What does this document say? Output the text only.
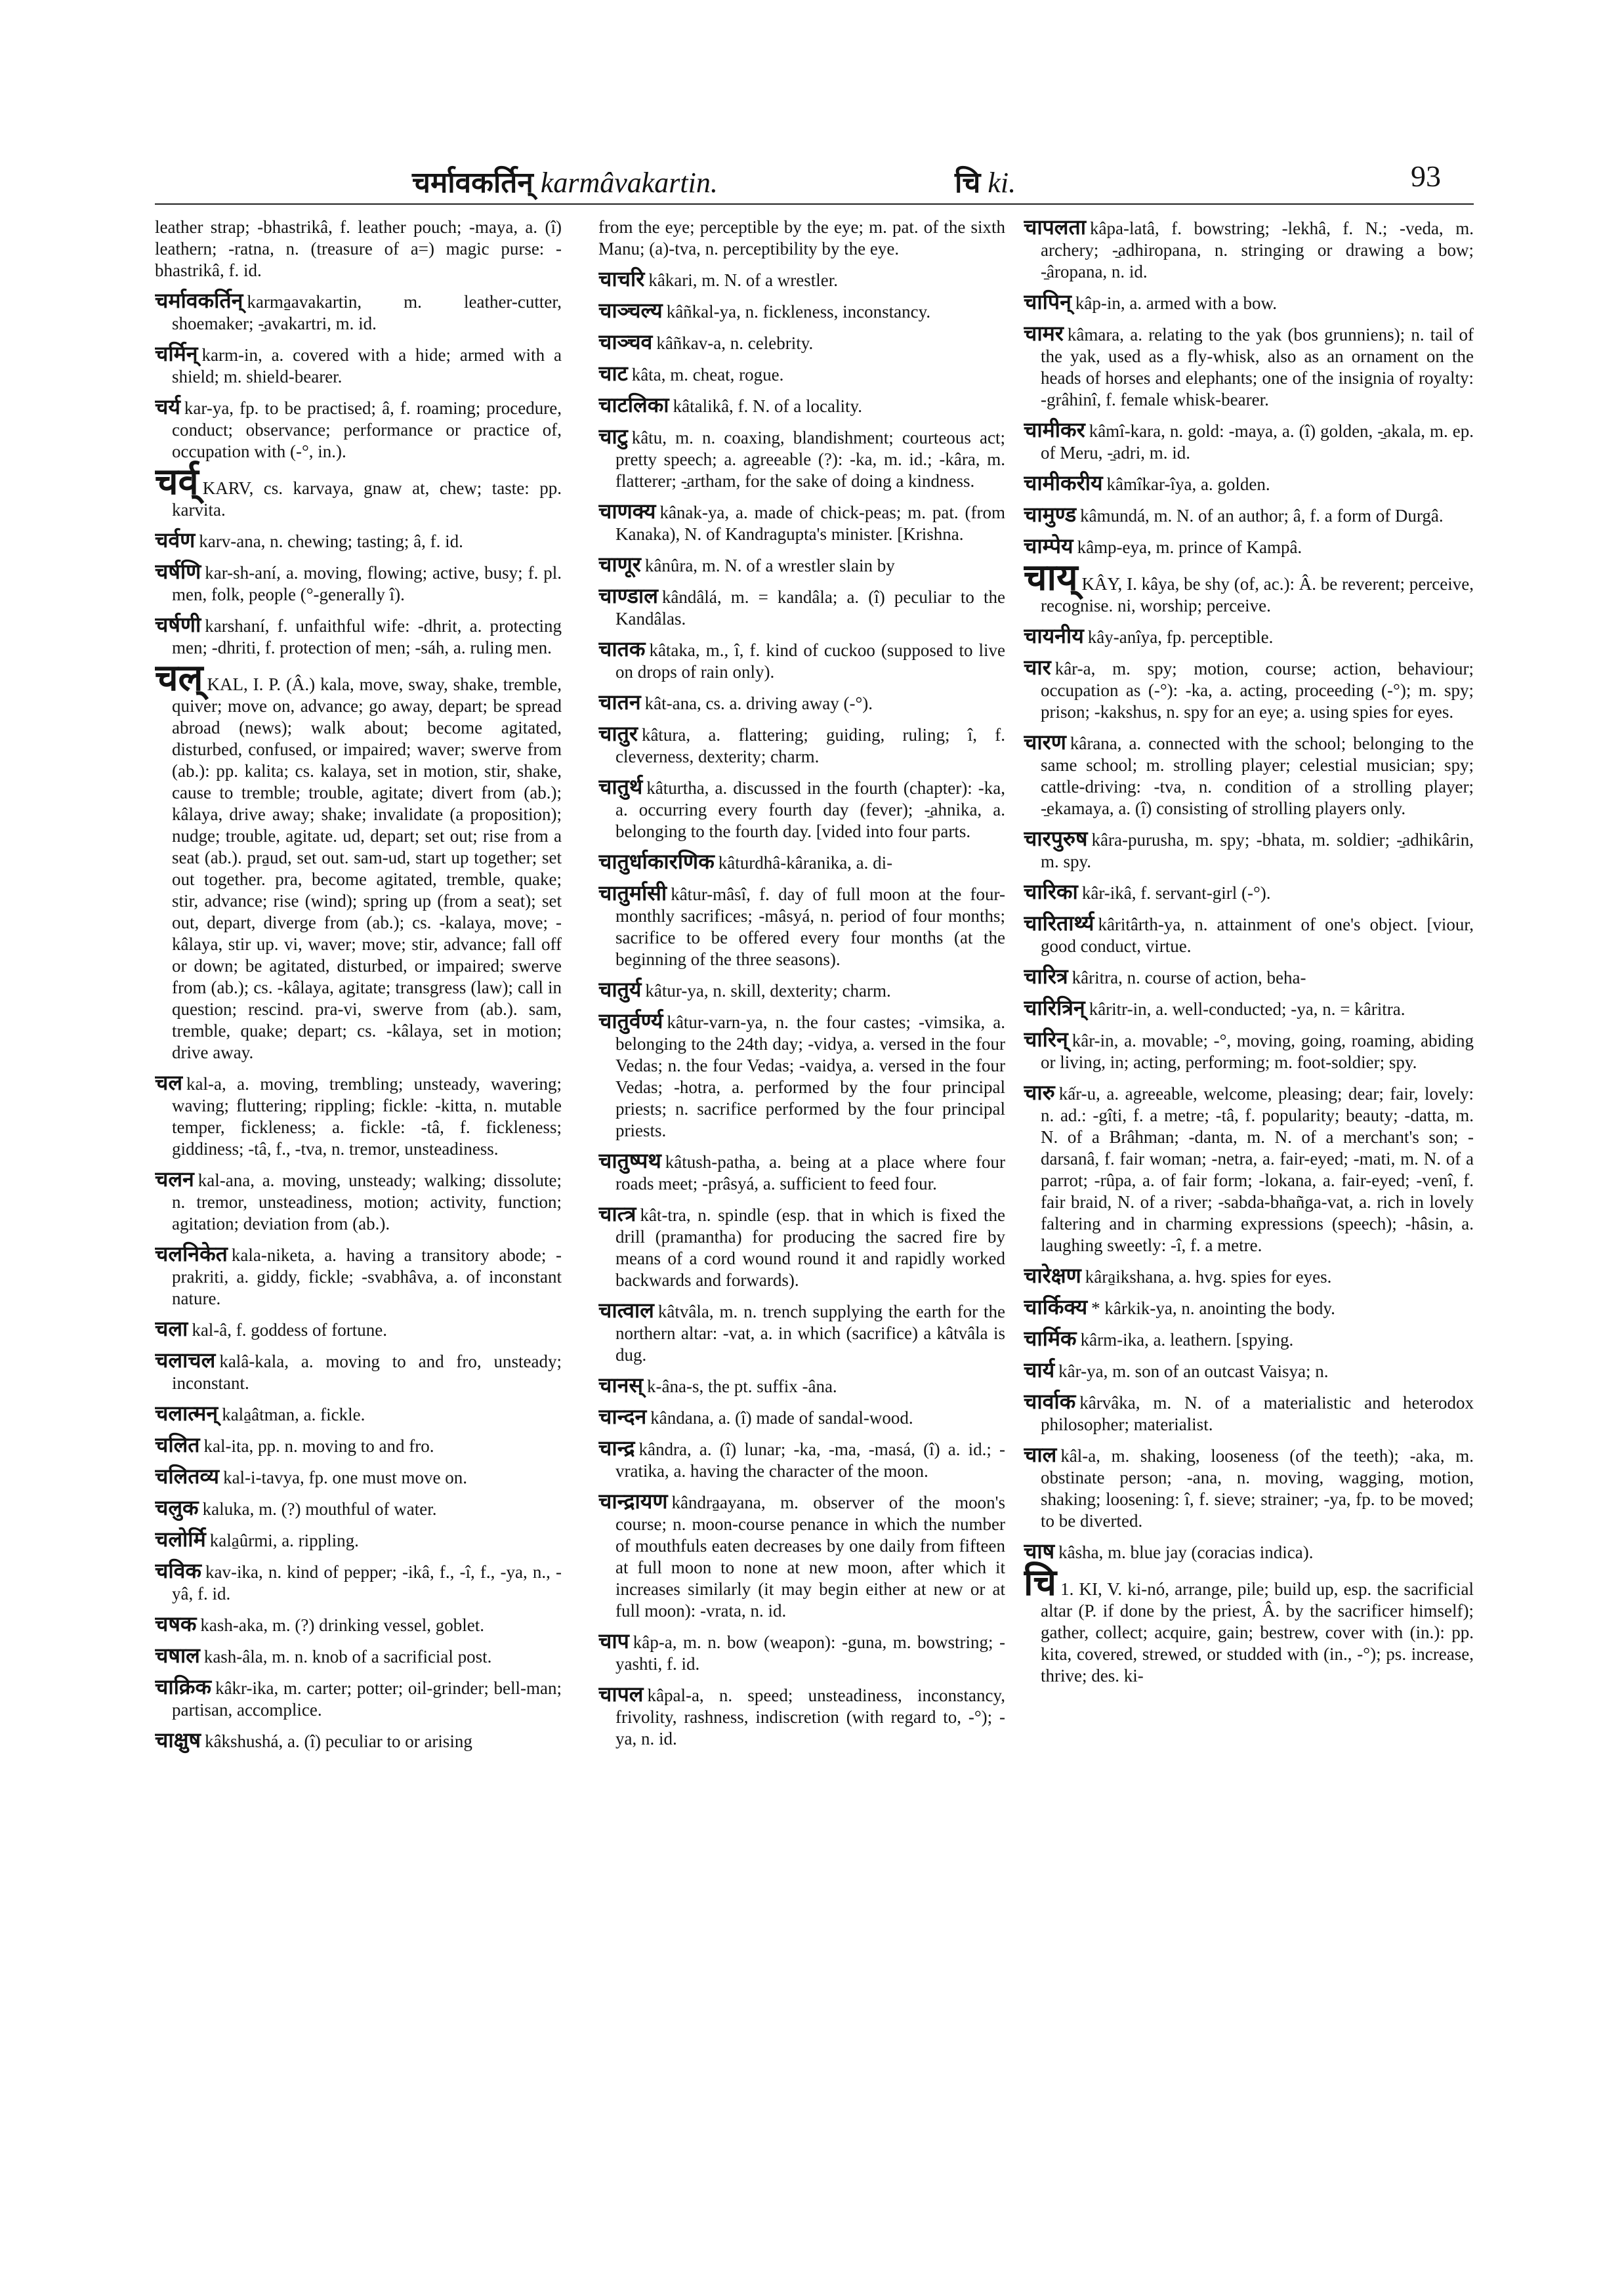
चर्मावकर्तिन् karmâvakartin.	चि ki.	93

leather strap; -bhastrikâ, f. leather pouch; -maya, a. (î) leathern; -ratna, n. (treasure of a=) magic purse: -bhastrikâ, f. id.

चर्मावकर्तिन् karma̱avakartin, m. leather-cutter, shoemaker; -̱avakartri, m. id.

चर्मिन् karm-in, a. covered with a hide; armed with a shield; m. shield-bearer.

चर्य kar-ya, fp. to be practised; â, f. roaming; procedure, conduct; observance; performance or practice of, occupation with (-°, in.).

चर्व् KARV, cs. karvaya, gnaw at, chew; taste: pp. karvita.

चर्वण karv-ana, n. chewing; tasting; â, f. id.

चर्षणि kar-sh-aní, a. moving, flowing; active, busy; f. pl. men, folk, people (°-generally î).

चर्षणी karshaní, f. unfaithful wife: -dhrit, a. protecting men; -dhriti, f. protection of men; -sáh, a. ruling men.

चल् KAL, I. P. (Â.) kala, move, sway, shake, tremble, quiver; move on, advance; go away, depart; be spread abroad (news); walk about; become agitated, disturbed, confused, or impaired; waver; swerve from (ab.): pp. kalita; cs. kalaya, set in motion, stir, shake, cause to tremble; trouble, agitate; divert from (ab.); kâlaya, drive away; shake; invalidate (a proposition); nudge; trouble, agitate. ud, depart; set out; rise from a seat (ab.). pra̱ud, set out. sam-ud, start up together; set out together. pra, become agitated, tremble, quake; stir, advance; rise (wind); spring up (from a seat); set out, depart, diverge from (ab.); cs. -kalaya, move; -kâlaya, stir up. vi, waver; move; stir, advance; fall off or down; be agitated, disturbed, or impaired; swerve from (ab.); cs. -kâlaya, agitate; transgress (law); call in question; rescind. pra-vi, swerve from (ab.). sam, tremble, quake; depart; cs. -kâlaya, set in motion; drive away.

चल kal-a, a. moving, trembling; unsteady, wavering; waving; fluttering; rippling; fickle: -kitta, n. mutable temper, fickleness; a. fickle: -tâ, f. fickleness; giddiness; -tâ, f., -tva, n. tremor, unsteadiness.

चलन kal-ana, a. moving, unsteady; walking; dissolute; n. tremor, unsteadiness, motion; activity, function; agitation; deviation from (ab.).

चलनिकेत kala-niketa, a. having a transitory abode; -prakriti, a. giddy, fickle; -svabhâva, a. of inconstant nature.

चला kal-â, f. goddess of fortune.

चलाचल kalâ-kala, a. moving to and fro, unsteady; inconstant.

चलात्मन् kala̱âtman, a. fickle.

चलित kal-ita, pp. n. moving to and fro.

चलितव्य kal-i-tavya, fp. one must move on.

चलुक kaluka, m. (?) mouthful of water.

चलोर्मि kala̱ûrmi, a. rippling.

चविक kav-ika, n. kind of pepper; -ikâ, f., -î, f., -ya, n., -yâ, f. id.

चषक kash-aka, m. (?) drinking vessel, goblet.

चषाल kash-âla, m. n. knob of a sacrificial post.

चाक्रिक kâkr-ika, m. carter; potter; oil-grinder; bell-man; partisan, accomplice.

चाक्षुष kâkshushá, a. (î) peculiar to or arising

from the eye; perceptible by the eye; m. pat. of the sixth Manu; (a)-tva, n. perceptibility by the eye.

चाचरि kâkari, m. N. of a wrestler.

चाञ्चल्य kâñkal-ya, n. fickleness, inconstancy.

चाञ्चव kâñkav-a, n. celebrity.

चाट kâta, m. cheat, rogue.

चाटलिका kâtalikâ, f. N. of a locality.

चाटु kâtu, m. n. coaxing, blandishment; courteous act; pretty speech; a. agreeable (?): -ka, m. id.; -kâra, m. flatterer; -̱artham, for the sake of doing a kindness.

चाणक्य kânak-ya, a. made of chick-peas; m. pat. (from Kanaka), N. of Kandragupta's minister. [Krishna.

चाणूर kânûra, m. N. of a wrestler slain by

चाण्डाल kândâlá, m. = kandâla; a. (î) peculiar to the Kandâlas.

चातक kâtaka, m., î, f. kind of cuckoo (supposed to live on drops of rain only).

चातन kât-ana, cs. a. driving away (-°).

चातुर kâtura, a. flattering; guiding, ruling; î, f. cleverness, dexterity; charm.

चातुर्थ kâturtha, a. discussed in the fourth (chapter): -ka, a. occurring every fourth day (fever); -̱ahnika, a. belonging to the fourth day. [vided into four parts.

चातुर्धाकारणिक kâturdhâ-kâranika, a. di-

चातुर्मासी kâtur-mâsî, f. day of full moon at the four-monthly sacrifices; -mâsyá, n. period of four months; sacrifice to be offered every four months (at the beginning of the three seasons).

चातुर्य kâtur-ya, n. skill, dexterity; charm.

चातुर्वर्ण्य kâtur-varn-ya, n. the four castes; -vimsika, a. belonging to the 24th day; -vidya, a. versed in the four Vedas; n. the four Vedas; -vaidya, a. versed in the four Vedas; -hotra, a. performed by the four principal priests; n. sacrifice performed by the four principal priests.

चातुष्पथ kâtush-patha, a. being at a place where four roads meet; -prâsyá, a. sufficient to feed four.

चात्त्र kât-tra, n. spindle (esp. that in which is fixed the drill (pramantha) for producing the sacred fire by means of a cord wound round it and rapidly worked backwards and forwards).

चात्वाल kâtvâla, m. n. trench supplying the earth for the northern altar: -vat, a. in which (sacrifice) a kâtvâla is dug.

चानस् k-âna-s, the pt. suffix -âna.

चान्दन kândana, a. (î) made of sandal-wood.

चान्द्र kândra, a. (î) lunar; -ka, -ma, -masá, (î) a. id.; -vratika, a. having the character of the moon.

चान्द्रायण kândra̱ayana, m. observer of the moon's course; n. moon-course penance in which the number of mouthfuls eaten decreases by one daily from fifteen at full moon to none at new moon, after which it increases similarly (it may begin either at new or at full moon): -vrata, n. id.

चाप kâp-a, m. n. bow (weapon): -guna, m. bowstring; -yashti, f. id.

चापल kâpal-a, n. speed; unsteadiness, inconstancy, frivolity, rashness, indiscretion (with regard to, -°); -ya, n. id.

चापलता kâpa-latâ, f. bowstring; -lekhâ, f. N.; -veda, m. archery; -̱adhiropana, n. stringing or drawing a bow; -̱âropana, n. id.

चापिन् kâp-in, a. armed with a bow.

चामर kâmara, a. relating to the yak (bos grunniens); n. tail of the yak, used as a fly-whisk, also as an ornament on the heads of horses and elephants; one of the insignia of royalty: -grâhinî, f. female whisk-bearer.

चामीकर kâmî-kara, n. gold: -maya, a. (î) golden, -̱akala, m. ep. of Meru, -̱adri, m. id.

चामीकरीय kâmîkar-îya, a. golden.

चामुण्ड kâmundá, m. N. of an author; â, f. a form of Durgâ.

चाम्पेय kâmp-eya, m. prince of Kampâ.

चाय् KÂY, I. kâya, be shy (of, ac.): Â. be reverent; perceive, recognise. ni, worship; perceive.

चायनीय kây-anîya, fp. perceptible.

चार kâr-a, m. spy; motion, course; action, behaviour; occupation as (-°): -ka, a. acting, proceeding (-°); m. spy; prison; -kakshus, n. spy for an eye; a. using spies for eyes.

चारण kârana, a. connected with the school; belonging to the same school; m. strolling player; celestial musician; spy; cattle-driving: -tva, n. condition of a strolling player; -̱ekamaya, a. (î) consisting of strolling players only.

चारपुरुष kâra-purusha, m. spy; -bhata, m. soldier; -̱adhikârin, m. spy.

चारिका kâr-ikâ, f. servant-girl (-°).

चारितार्थ्य kâritârth-ya, n. attainment of one's object. [viour, good conduct, virtue.

चारित्र kâritra, n. course of action, beha-

चारित्रिन् kâritr-in, a. well-conducted; -ya, n. = kâritra.

चारिन् kâr-in, a. movable; -°, moving, going, roaming, abiding or living, in; acting, performing; m. foot-soldier; spy.

चारु kấr-u, a. agreeable, welcome, pleasing; dear; fair, lovely: n. ad.: -gîti, f. a metre; -tâ, f. popularity; beauty; -datta, m. N. of a Brâhman; -danta, m. N. of a merchant's son; -darsanâ, f. fair woman; -netra, a. fair-eyed; -mati, m. N. of a parrot; -rûpa, a. of fair form; -lokana, a. fair-eyed; -venî, f. fair braid, N. of a river; -sabda-bhañga-vat, a. rich in lovely faltering and in charming expressions (speech); -hâsin, a. laughing sweetly: -î, f. a metre.

चारेक्षण kâra̱ikshana, a. hvg. spies for eyes.

चार्किक्य * kârkik-ya, n. anointing the body.

चार्मिक kârm-ika, a. leathern. [spying.

चार्य kâr-ya, m. son of an outcast Vaisya; n.

चार्वाक kârvâka, m. N. of a materialistic and heterodox philosopher; materialist.

चाल kâl-a, m. shaking, looseness (of the teeth); -aka, m. obstinate person; -ana, n. moving, wagging, motion, shaking; loosening: î, f. sieve; strainer; -ya, fp. to be moved; to be diverted.

चाष kâsha, m. blue jay (coracias indica).

चि 1. KI, V. ki-nó, arrange, pile; build up, esp. the sacrificial altar (P. if done by the priest, Â. by the sacrificer himself); gather, collect; acquire, gain; bestrew, cover with (in.): pp. kita, covered, strewed, or studded with (in., -°); ps. increase, thrive; des. ki-
